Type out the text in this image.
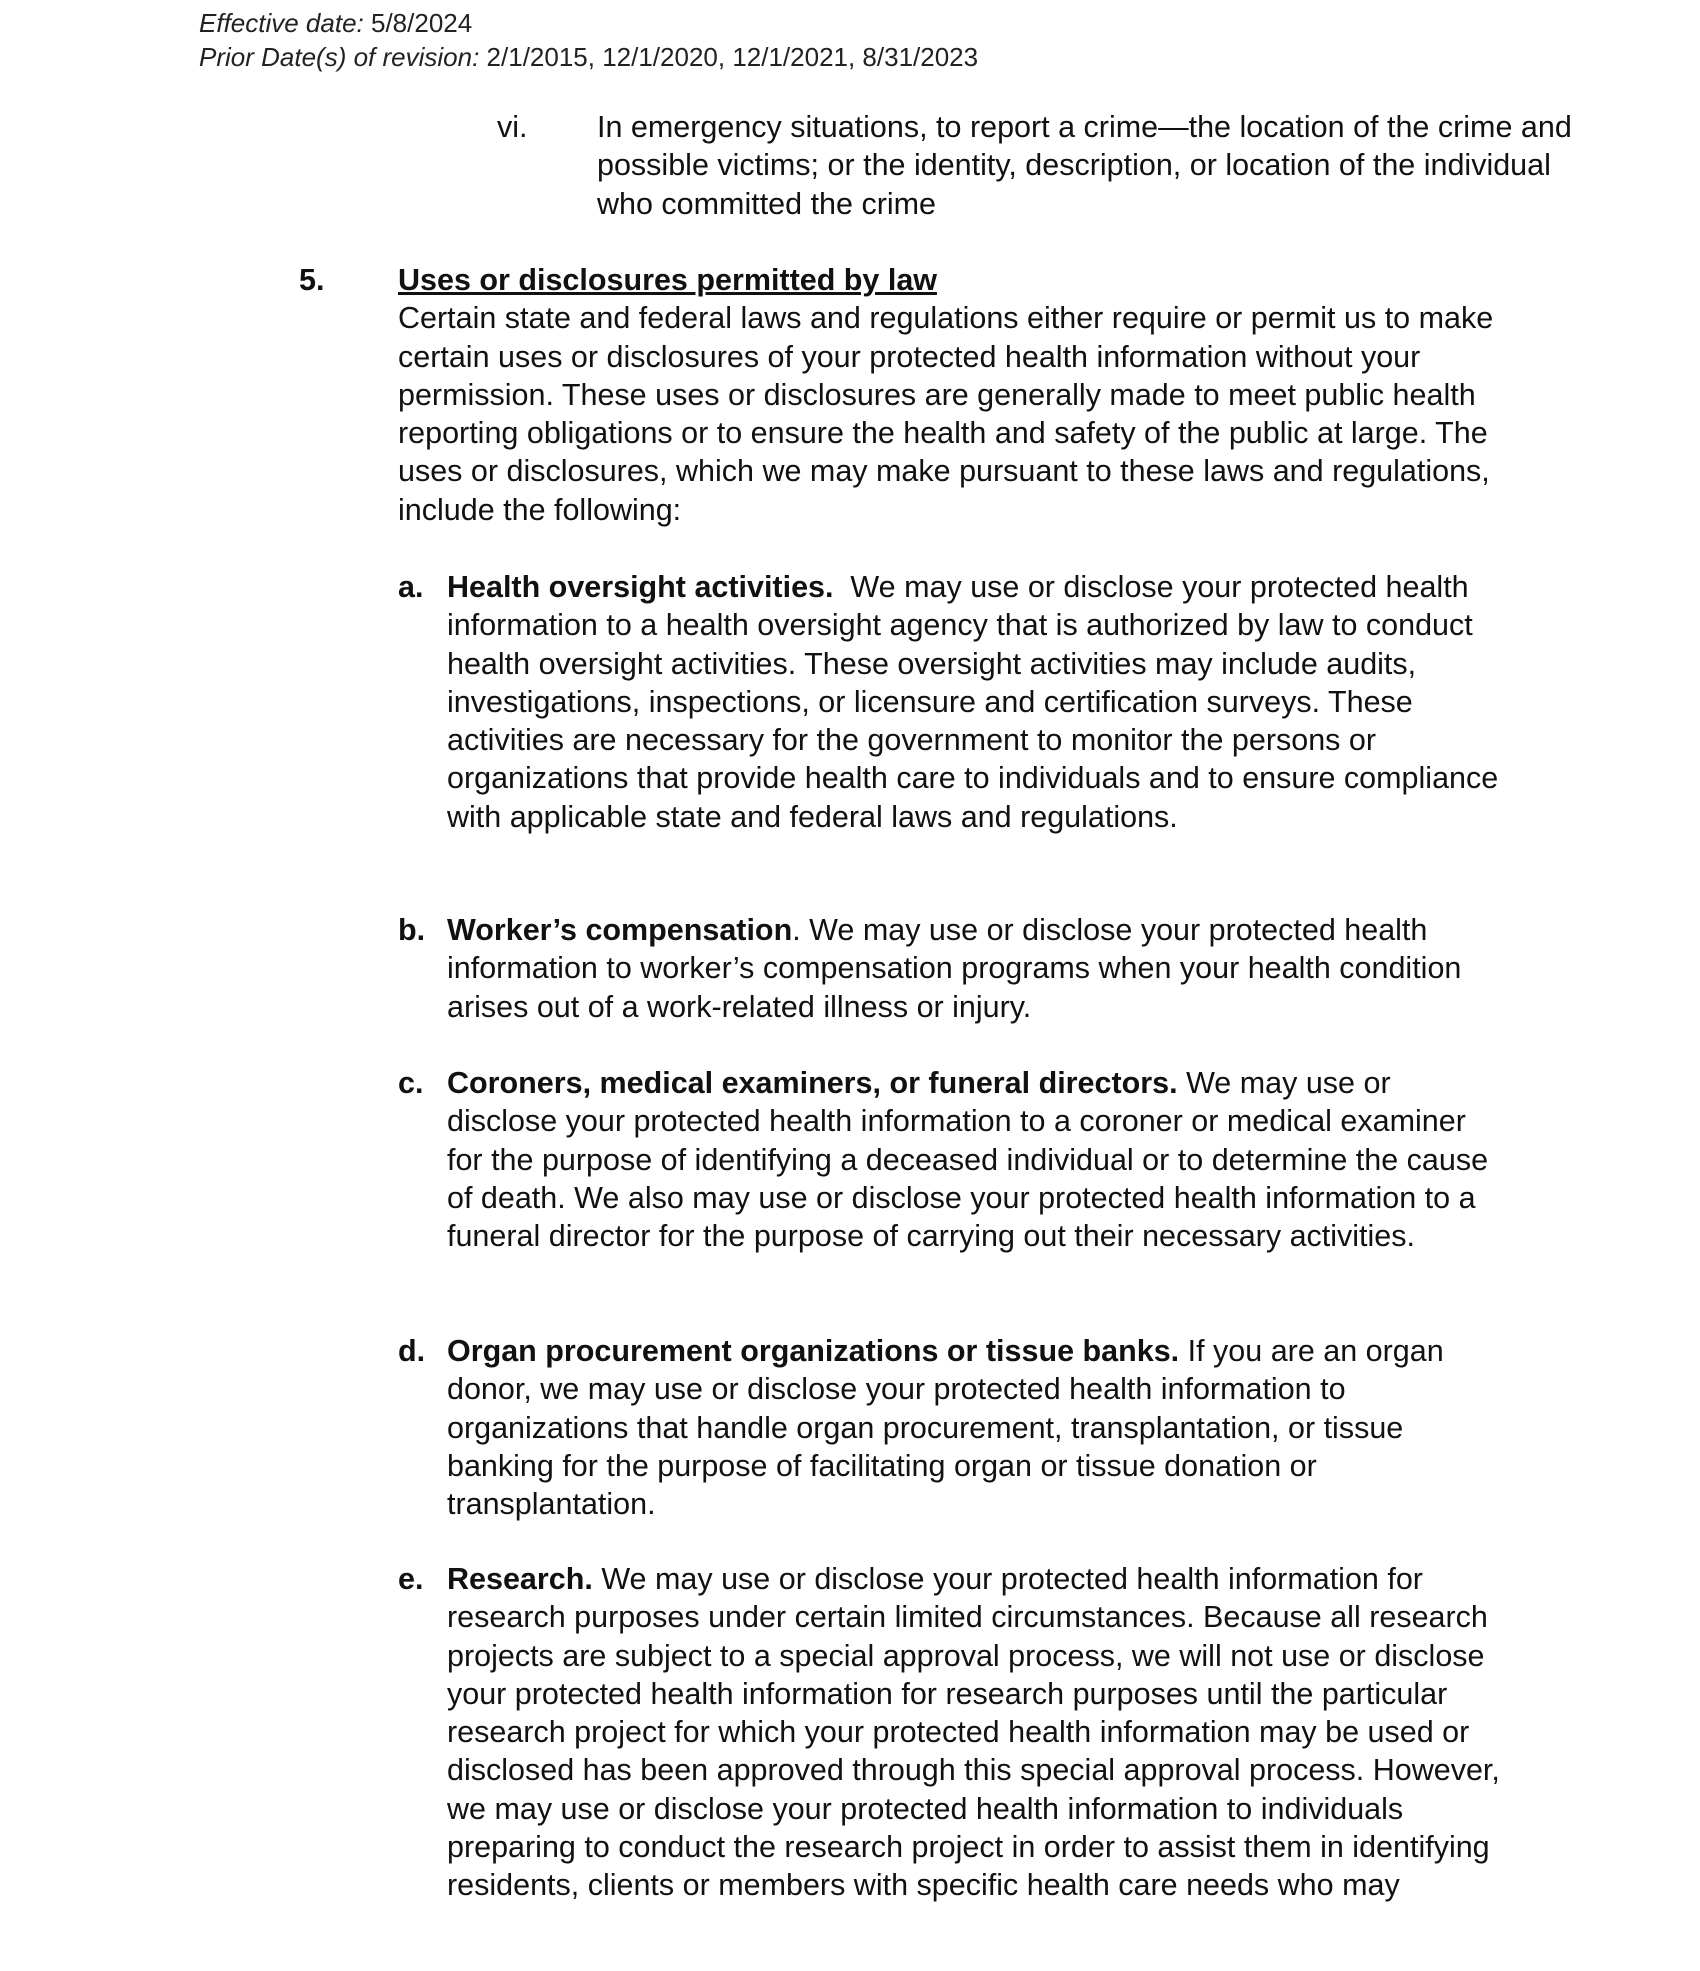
Effective date: 5/8/2024
Prior Date(s) of revision: 2/1/2015, 12/1/2020, 12/1/2021, 8/31/2023
vi. In emergency situations, to report a crime—the location of the crime and possible victims; or the identity, description, or location of the individual who committed the crime
5. Uses or disclosures permitted by law
Certain state and federal laws and regulations either require or permit us to make certain uses or disclosures of your protected health information without your permission. These uses or disclosures are generally made to meet public health reporting obligations or to ensure the health and safety of the public at large. The uses or disclosures, which we may make pursuant to these laws and regulations, include the following:
a. Health oversight activities. We may use or disclose your protected health information to a health oversight agency that is authorized by law to conduct health oversight activities. These oversight activities may include audits, investigations, inspections, or licensure and certification surveys. These activities are necessary for the government to monitor the persons or organizations that provide health care to individuals and to ensure compliance with applicable state and federal laws and regulations.
b. Worker’s compensation. We may use or disclose your protected health information to worker’s compensation programs when your health condition arises out of a work-related illness or injury.
c. Coroners, medical examiners, or funeral directors. We may use or disclose your protected health information to a coroner or medical examiner for the purpose of identifying a deceased individual or to determine the cause of death. We also may use or disclose your protected health information to a funeral director for the purpose of carrying out their necessary activities.
d. Organ procurement organizations or tissue banks. If you are an organ donor, we may use or disclose your protected health information to organizations that handle organ procurement, transplantation, or tissue banking for the purpose of facilitating organ or tissue donation or transplantation.
e. Research. We may use or disclose your protected health information for research purposes under certain limited circumstances. Because all research projects are subject to a special approval process, we will not use or disclose your protected health information for research purposes until the particular research project for which your protected health information may be used or disclosed has been approved through this special approval process. However, we may use or disclose your protected health information to individuals preparing to conduct the research project in order to assist them in identifying residents, clients or members with specific health care needs who may
